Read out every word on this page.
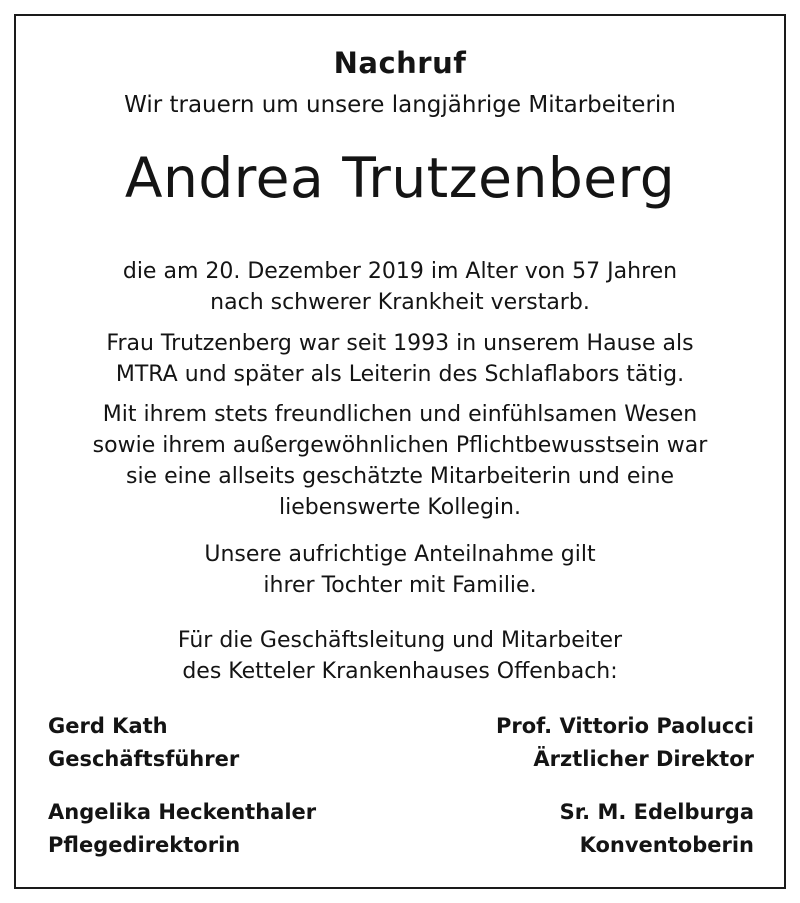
Nachruf
Wir trauern um unsere langjährige Mitarbeiterin
Andrea Trutzenberg
die am 20. Dezember 2019 im Alter von 57 Jahren
nach schwerer Krankheit verstarb.
Frau Trutzenberg war seit 1993 in unserem Hause als
MTRA und später als Leiterin des Schlaflabors tätig.
Mit ihrem stets freundlichen und einfühlsamen Wesen
sowie ihrem außergewöhnlichen Pflichtbewusstsein war
sie eine allseits geschätzte Mitarbeiterin und eine
liebenswerte Kollegin.
Unsere aufrichtige Anteilnahme gilt
ihrer Tochter mit Familie.
Für die Geschäftsleitung und Mitarbeiter
des Ketteler Krankenhauses Offenbach:
Gerd Kath
Geschäftsführer
Prof. Vittorio Paolucci
Ärztlicher Direktor
Angelika Heckenthaler
Pflegedirektorin
Sr. M. Edelburga
Konventoberin
